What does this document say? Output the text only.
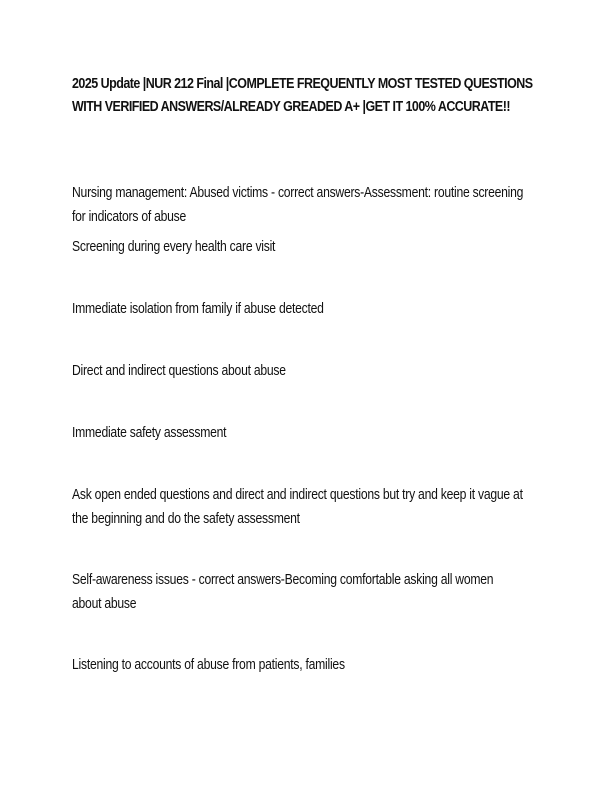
2025 Update |NUR 212 Final |COMPLETE FREQUENTLY MOST TESTED QUESTIONS WITH VERIFIED ANSWERS/ALREADY GREADED A+ |GET IT 100% ACCURATE!!
Nursing management: Abused victims - correct answers-Assessment: routine screening for indicators of abuse
Screening during every health care visit
Immediate isolation from family if abuse detected
Direct and indirect questions about abuse
Immediate safety assessment
Ask open ended questions and direct and indirect questions but try and keep it vague at the beginning and do the safety assessment
Self-awareness issues - correct answers-Becoming comfortable asking all women about abuse
Listening to accounts of abuse from patients, families
